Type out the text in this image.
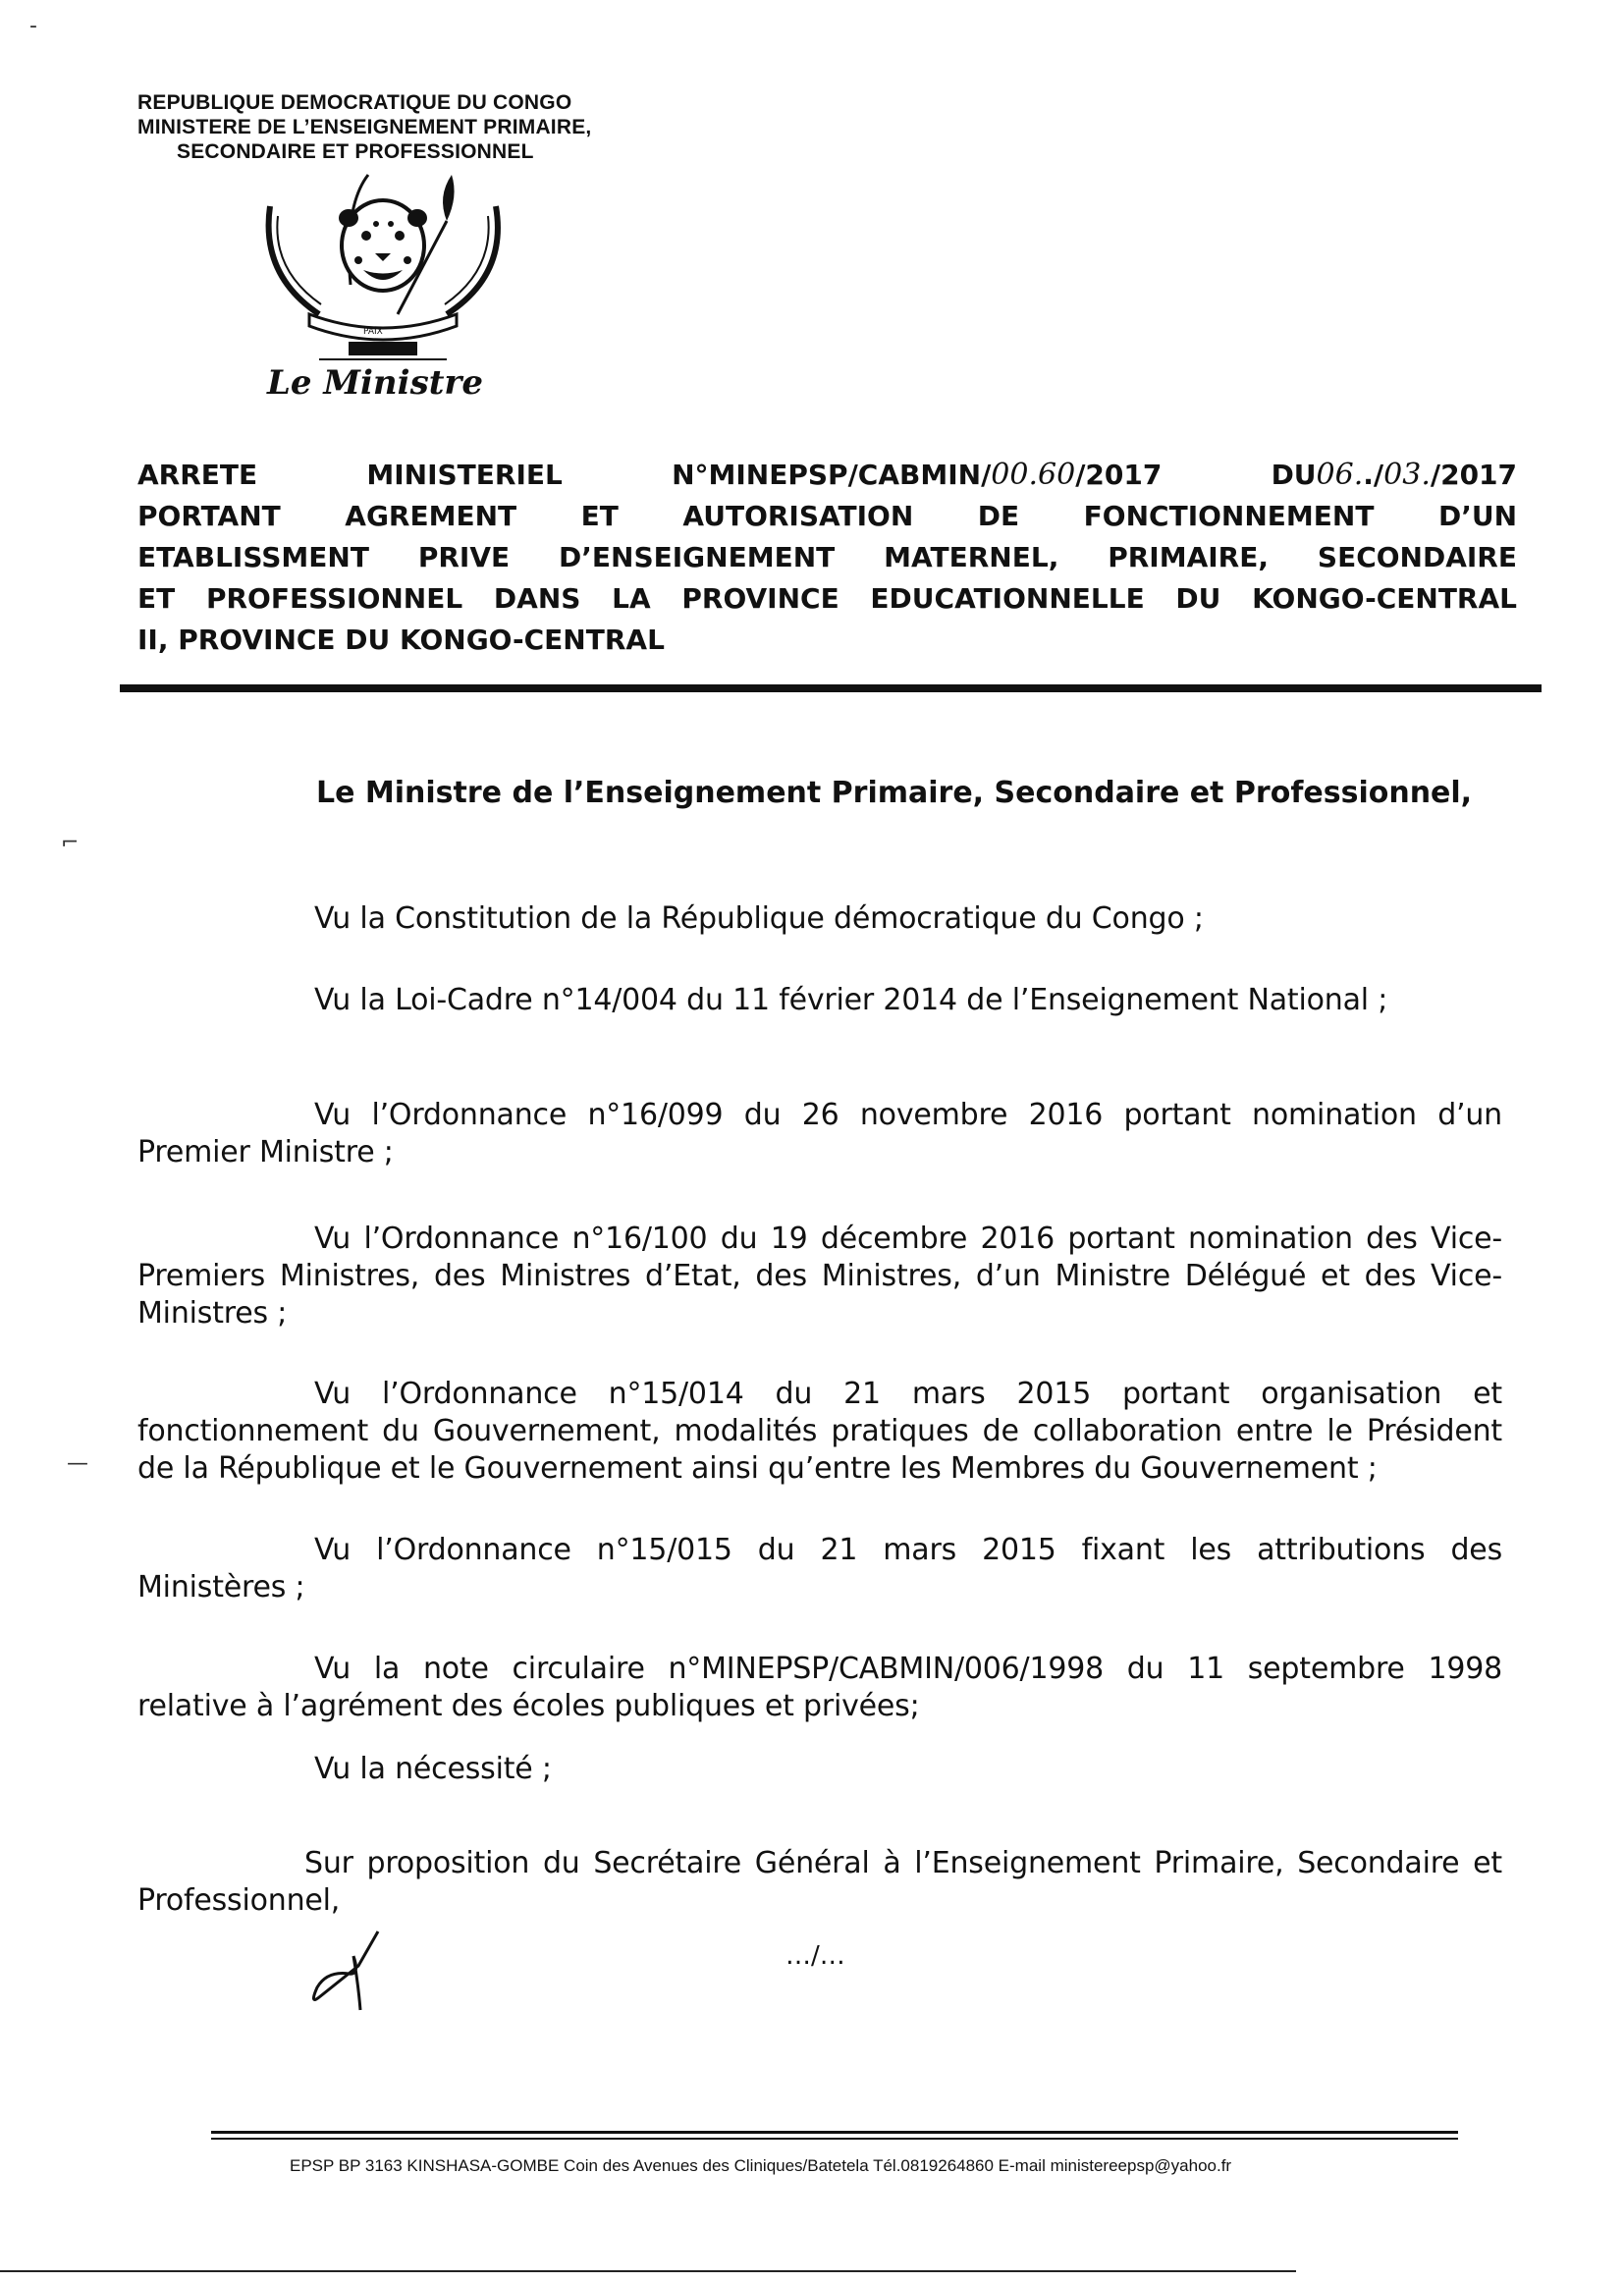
-
⌐
—
REPUBLIQUE DEMOCRATIQUE DU CONGO
MINISTERE DE L’ENSEIGNEMENT PRIMAIRE,
SECONDAIRE ET PROFESSIONNEL
PAIX
Le Ministre
ARRETE	MINISTERIEL	N°MINEPSP/CABMIN/00.60/2017	DU06../03./2017
PORTANT AGREMENT ET AUTORISATION DE FONCTIONNEMENT D’UN
ETABLISSMENT PRIVE D’ENSEIGNEMENT MATERNEL, PRIMAIRE, SECONDAIRE
ET PROFESSIONNEL DANS LA PROVINCE EDUCATIONNELLE DU KONGO-CENTRAL
II, PROVINCE DU KONGO-CENTRAL
Le Ministre de l’Enseignement Primaire, Secondaire et Professionnel,
Vu la Constitution de la République démocratique du Congo ;
Vu la Loi-Cadre n°14/004 du 11 février 2014 de l’Enseignement National ;
Vu l’Ordonnance n°16/099 du 26 novembre 2016 portant nomination d’un
Premier Ministre ;
Vu l’Ordonnance n°16/100 du 19 décembre 2016 portant nomination des Vice-
Premiers Ministres, des Ministres d’Etat, des Ministres, d’un Ministre Délégué et des Vice-
Ministres ;
Vu l’Ordonnance n°15/014 du 21 mars 2015 portant organisation et
fonctionnement du Gouvernement, modalités pratiques de collaboration entre le Président
de la République et le Gouvernement ainsi qu’entre les Membres du Gouvernement ;
Vu l’Ordonnance n°15/015 du 21 mars 2015 fixant les attributions des
Ministères ;
Vu la note circulaire n°MINEPSP/CABMIN/006/1998 du 11 septembre 1998
relative à l’agrément des écoles publiques et privées;
Vu la nécessité ;
Sur proposition du Secrétaire Général à l’Enseignement Primaire, Secondaire et
Professionnel,
…/…
EPSP BP 3163 KINSHASA-GOMBE Coin des Avenues des Cliniques/Batetela Tél.0819264860 E-mail ministereepsp@yahoo.fr
